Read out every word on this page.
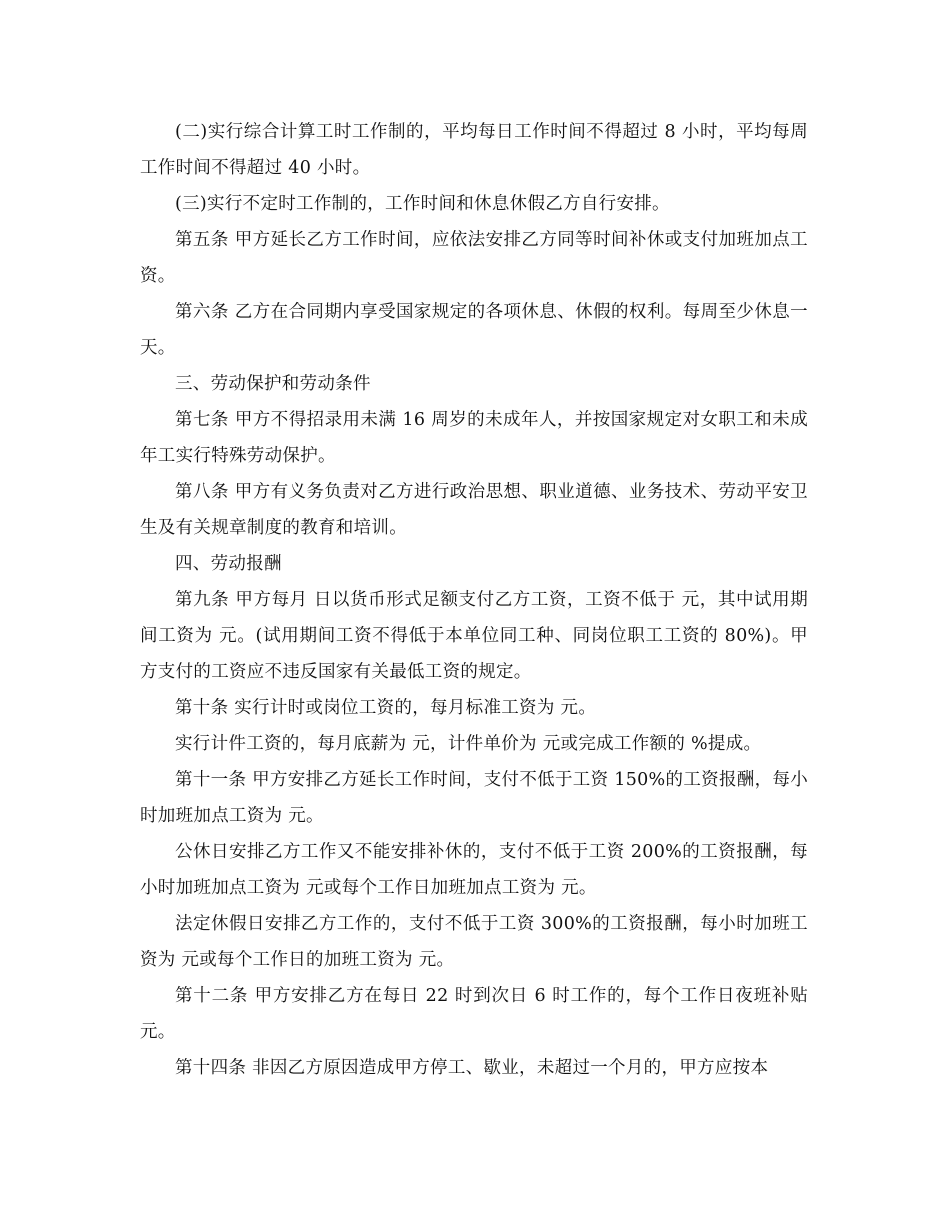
(二)实行综合计算工时工作制的，平均每日工作时间不得超过 8 小时，平均每周工作时间不得超过 40 小时。

(三)实行不定时工作制的，工作时间和休息休假乙方自行安排。

第五条 甲方延长乙方工作时间，应依法安排乙方同等时间补休或支付加班加点工资。

第六条 乙方在合同期内享受国家规定的各项休息、休假的权利。每周至少休息一天。

三、劳动保护和劳动条件

第七条 甲方不得招录用未满 16 周岁的未成年人，并按国家规定对女职工和未成年工实行特殊劳动保护。

第八条 甲方有义务负责对乙方进行政治思想、职业道德、业务技术、劳动平安卫生及有关规章制度的教育和培训。

四、劳动报酬

第九条 甲方每月 日以货币形式足额支付乙方工资，工资不低于 元，其中试用期间工资为 元。(试用期间工资不得低于本单位同工种、同岗位职工工资的 80%)。甲方支付的工资应不违反国家有关最低工资的规定。

第十条 实行计时或岗位工资的，每月标准工资为 元。

实行计件工资的，每月底薪为 元，计件单价为 元或完成工作额的 %提成。

第十一条 甲方安排乙方延长工作时间，支付不低于工资 150%的工资报酬，每小时加班加点工资为 元。

公休日安排乙方工作又不能安排补休的，支付不低于工资 200%的工资报酬，每小时加班加点工资为 元或每个工作日加班加点工资为 元。

法定休假日安排乙方工作的，支付不低于工资 300%的工资报酬，每小时加班工资为 元或每个工作日的加班工资为 元。

第十二条 甲方安排乙方在每日 22 时到次日 6 时工作的，每个工作日夜班补贴 元。

第十四条 非因乙方原因造成甲方停工、歇业，未超过一个月的，甲方应按本
